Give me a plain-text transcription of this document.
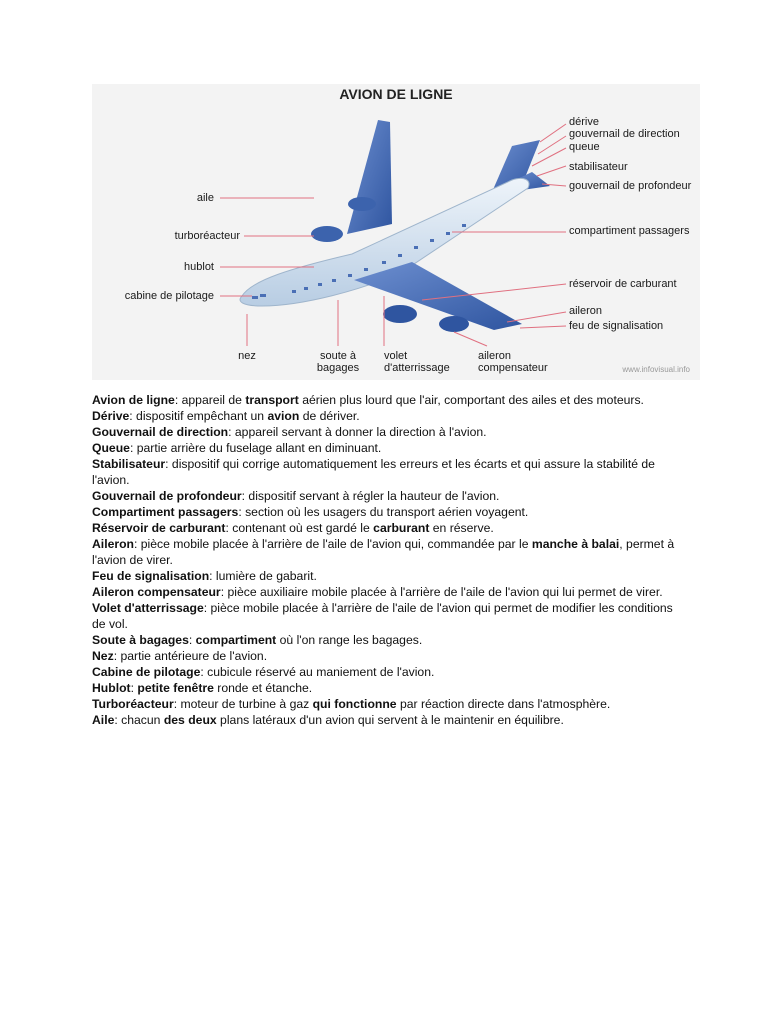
AVION DE LIGNE
aile
turboréacteur
hublot
cabine de pilotage
nez	soute à
bagages
volet
d'atterrissage
aileron
compensateur
dérive
gouvernail de direction
queue
stabilisateur
gouvernail de profondeur
compartiment passagers
réservoir de carburant
aileron
feu de signalisation
www.infovisual.info

Avion de ligne: appareil de transport aérien plus lourd que l'air, comportant des ailes et des moteurs.

Dérive: dispositif empêchant un avion de dériver.

Gouvernail de direction: appareil servant à donner la direction à l'avion.

Queue: partie arrière du fuselage allant en diminuant.

Stabilisateur: dispositif qui corrige automatiquement les erreurs et les écarts et qui assure la stabilité de l'avion.

Gouvernail de profondeur: dispositif servant à régler la hauteur de l'avion.

Compartiment passagers: section où les usagers du transport aérien voyagent.

Réservoir de carburant: contenant où est gardé le carburant en réserve.

Aileron: pièce mobile placée à l'arrière de l'aile de l'avion qui, commandée par le manche à balai, permet à l'avion de virer.

Feu de signalisation: lumière de gabarit.

Aileron compensateur: pièce auxiliaire mobile placée à l'arrière de l'aile de l'avion qui lui permet de virer.

Volet d'atterrissage: pièce mobile placée à l'arrière de l'aile de l'avion qui permet de modifier les conditions de vol.

Soute à bagages: compartiment où l'on range les bagages.

Nez: partie antérieure de l'avion.

Cabine de pilotage: cubicule réservé au maniement de l'avion.

Hublot: petite fenêtre ronde et étanche.

Turboréacteur: moteur de turbine à gaz qui fonctionne par réaction directe dans l'atmosphère.

Aile: chacun des deux plans latéraux d'un avion qui servent à le maintenir en équilibre.
